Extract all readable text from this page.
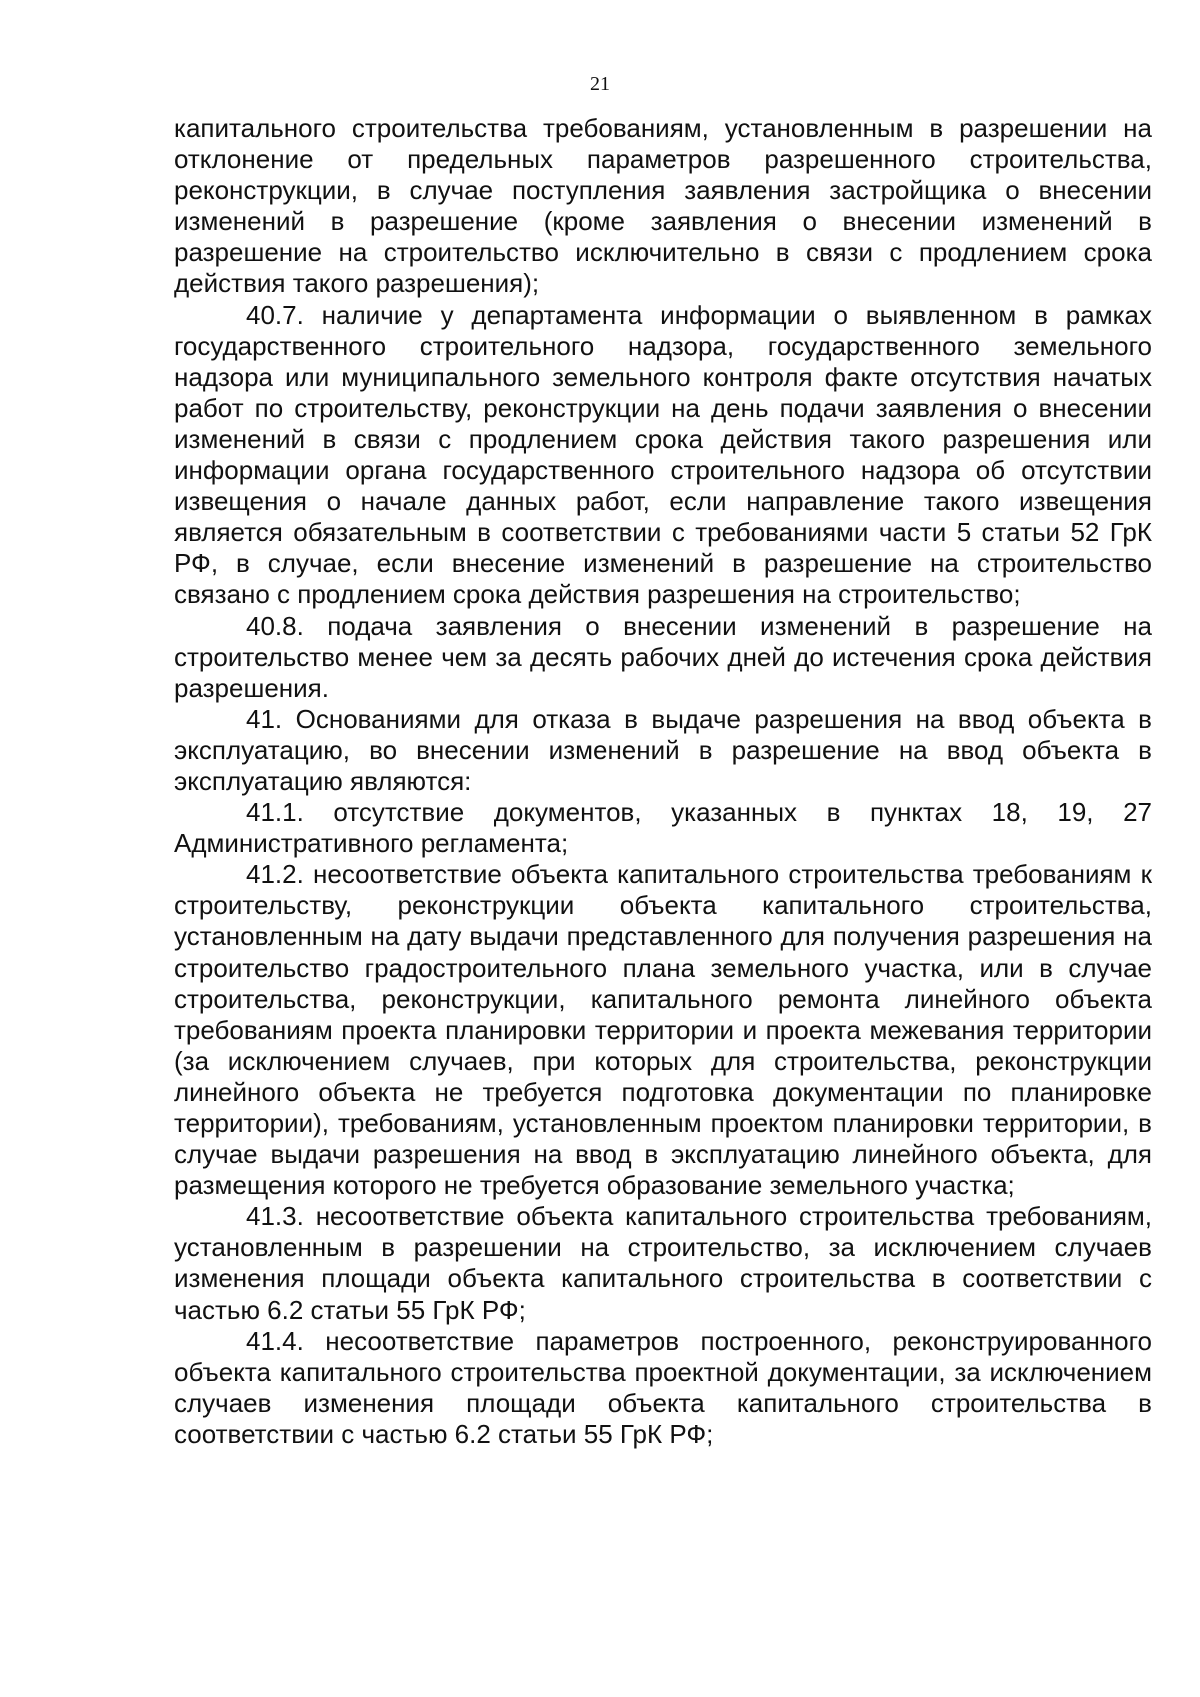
21

капитального строительства требованиям, установленным в разрешении на отклонение от предельных параметров разрешенного строительства, реконструкции, в случае поступления заявления застройщика о внесении изменений в разрешение (кроме заявления о внесении изменений в разрешение на строительство исключительно в связи с продлением срока действия такого разрешения);

40.7. наличие у департамента информации о выявленном в рамках государственного строительного надзора, государственного земельного надзора или муниципального земельного контроля факте отсутствия начатых работ по строительству, реконструкции на день подачи заявления о внесении изменений в связи с продлением срока действия такого разрешения или информации органа государственного строительного надзора об отсутствии извещения о начале данных работ, если направление такого извещения является обязательным в соответствии с требованиями части 5 статьи 52 ГрК РФ, в случае, если внесение изменений в разрешение на строительство связано с продлением срока действия разрешения на строительство;

40.8. подача заявления о внесении изменений в разрешение на строительство менее чем за десять рабочих дней до истечения срока действия разрешения.

41. Основаниями для отказа в выдаче разрешения на ввод объекта в эксплуатацию, во внесении изменений в разрешение на ввод объекта в эксплуатацию являются:

41.1. отсутствие документов, указанных в пунктах 18, 19, 27 Административного регламента;

41.2. несоответствие объекта капитального строительства требованиям к строительству, реконструкции объекта капитального строительства, установленным на дату выдачи представленного для получения разрешения на строительство градостроительного плана земельного участка, или в случае строительства, реконструкции, капитального ремонта линейного объекта требованиям проекта планировки территории и проекта межевания территории (за исключением случаев, при которых для строительства, реконструкции линейного объекта не требуется подготовка документации по планировке территории), требованиям, установленным проектом планировки территории, в случае выдачи разрешения на ввод в эксплуатацию линейного объекта, для размещения которого не требуется образование земельного участка;

41.3. несоответствие объекта капитального строительства требованиям, установленным в разрешении на строительство, за исключением случаев изменения площади объекта капитального строительства в соответствии с частью 6.2 статьи 55 ГрК РФ;

41.4. несоответствие параметров построенного, реконструированного объекта капитального строительства проектной документации, за исключением случаев изменения площади объекта капитального строительства в соответствии с частью 6.2 статьи 55 ГрК РФ;
